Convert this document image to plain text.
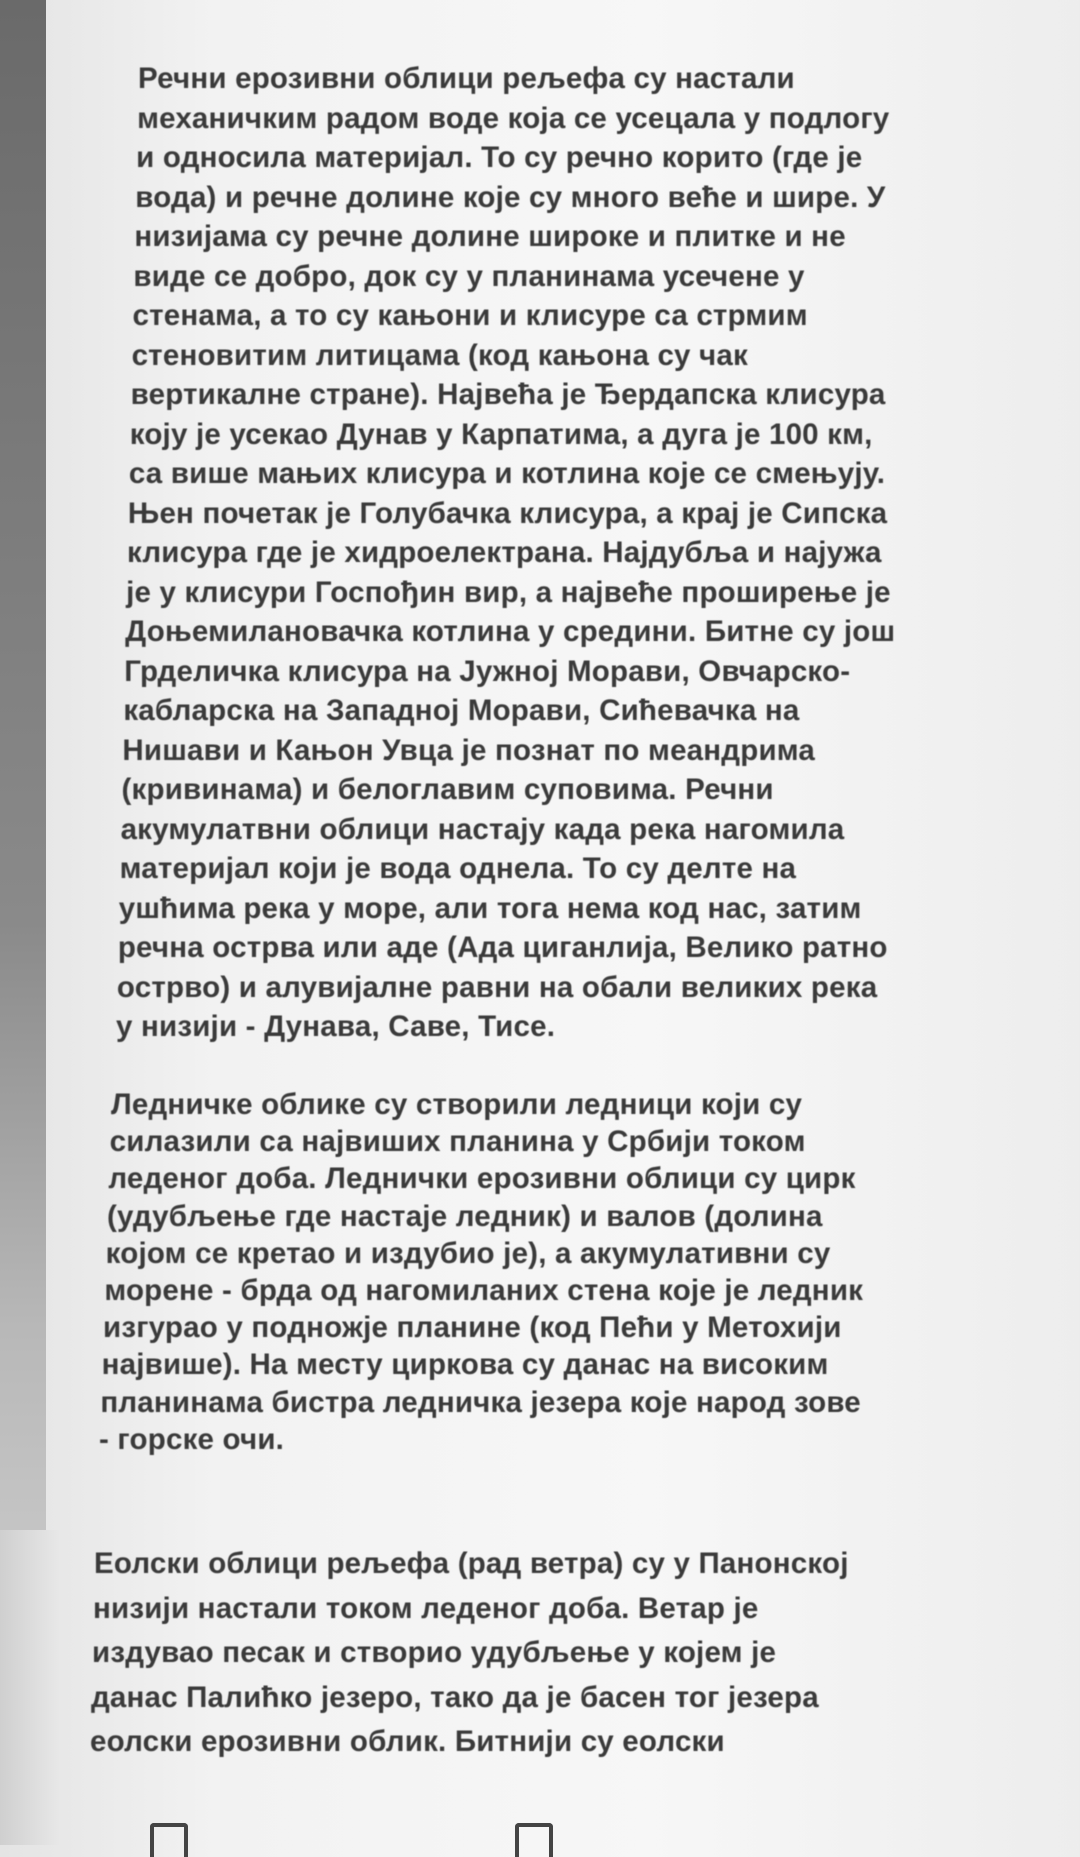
Речни ерозивни облици рељефа су настали
механичким радом воде која се усецала у подлогу
и односила материјал. То су речно корито (где је
вода) и речне долине које су много веће и шире. У
низијама су речне долине широке и плитке и не
виде се добро, док су у планинама усечене у
стенама, а то су кањони и клисуре са стрмим
стеновитим литицама (код кањона су чак
вертикалне стране). Највећа је Ђердапска клисура
коју је усекао Дунав у Карпатима, а дуга је 100 км,
са више мањих клисура и котлина које се смењују.
Њен почетак је Голубачка клисура, а крај је Сипска
клисура где је хидроелектрана. Најдубља и најужа
је у клисури Госпођин вир, а највеће проширење је
Доњемилановачка котлина у средини. Битне су још
Грделичка клисура на Јужној Морави, Овчарско-
кабларска на Западној Морави, Сићевачка на
Нишави и Кањон Увца је познат по меандрима
(кривинама) и белоглавим суповима. Речни
акумулатвни облици настају када река нагомила
материјал који је вода однела. То су делте на
ушћима река у море, али тога нема код нас, затим
речна острва или аде (Ада циганлија, Велико ратно
острво) и алувијалне равни на обали великих река
у низији - Дунава, Саве, Тисе.
Ледничке облике су створили ледници који су
силазили са највиших планина у Србији током
леденог доба. Леднички ерозивни облици су цирк
(удубљење где настаје ледник) и валов (долина
којом се кретао и издубио је), а акумулативни су
морене - брда од нагомиланих стена које је ледник
изгурао у подножје планине (код Пећи у Метохији
највише). На месту циркова су данас на високим
планинама бистра ледничка језера које народ зове
- горске очи.
Еолски облици рељефа (рад ветра) су у Панонској
низији настали током леденог доба. Ветар је
издувао песак и створио удубљење у којем је
данас Палићко језеро, тако да је басен тог језера
еолски ерозивни облик. Битнији су еолски
